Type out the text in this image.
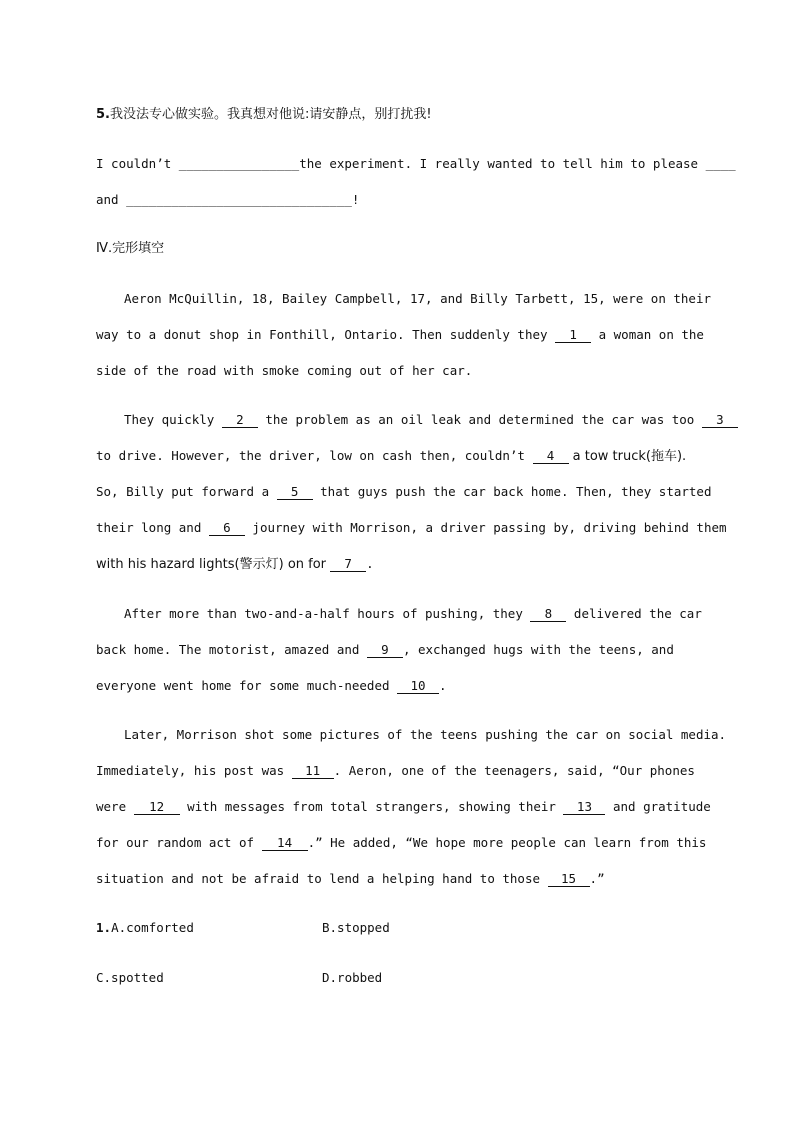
5.我没法专心做实验。我真想对他说:请安静点，别打扰我!
I couldn’t ________________the experiment. I really wanted to tell him to please ____
and ______________________________!
Ⅳ.完形填空
Aeron McQuillin, 18, Bailey Campbell, 17, and Billy Tarbett, 15, were on their
way to a donut shop in Fonthill, Ontario. Then suddenly they 1 a woman on the
side of the road with smoke coming out of her car.
They quickly 2 the problem as an oil leak and determined the car was too 3
to drive. However, the driver, low on cash then, couldn’t 4 a tow truck(拖车).
So, Billy put forward a 5 that guys push the car back home. Then, they started
their long and 6 journey with Morrison, a driver passing by, driving behind them
with his hazard lights(警示灯) on for 7 .
After more than two-and-a-half hours of pushing, they 8 delivered the car
back home. The motorist, amazed and 9 , exchanged hugs with the teens, and
everyone went home for some much-needed 10 .
Later, Morrison shot some pictures of the teens pushing the car on social media.
Immediately, his post was 11 . Aeron, one of the teenagers, said, “Our phones
were 12 with messages from total strangers, showing their 13 and gratitude
for our random act of 14 .” He added, “We hope more people can learn from this
situation and not be afraid to lend a helping hand to those 15 .”
1.A.comforted	B.stopped
C.spotted	D.robbed
